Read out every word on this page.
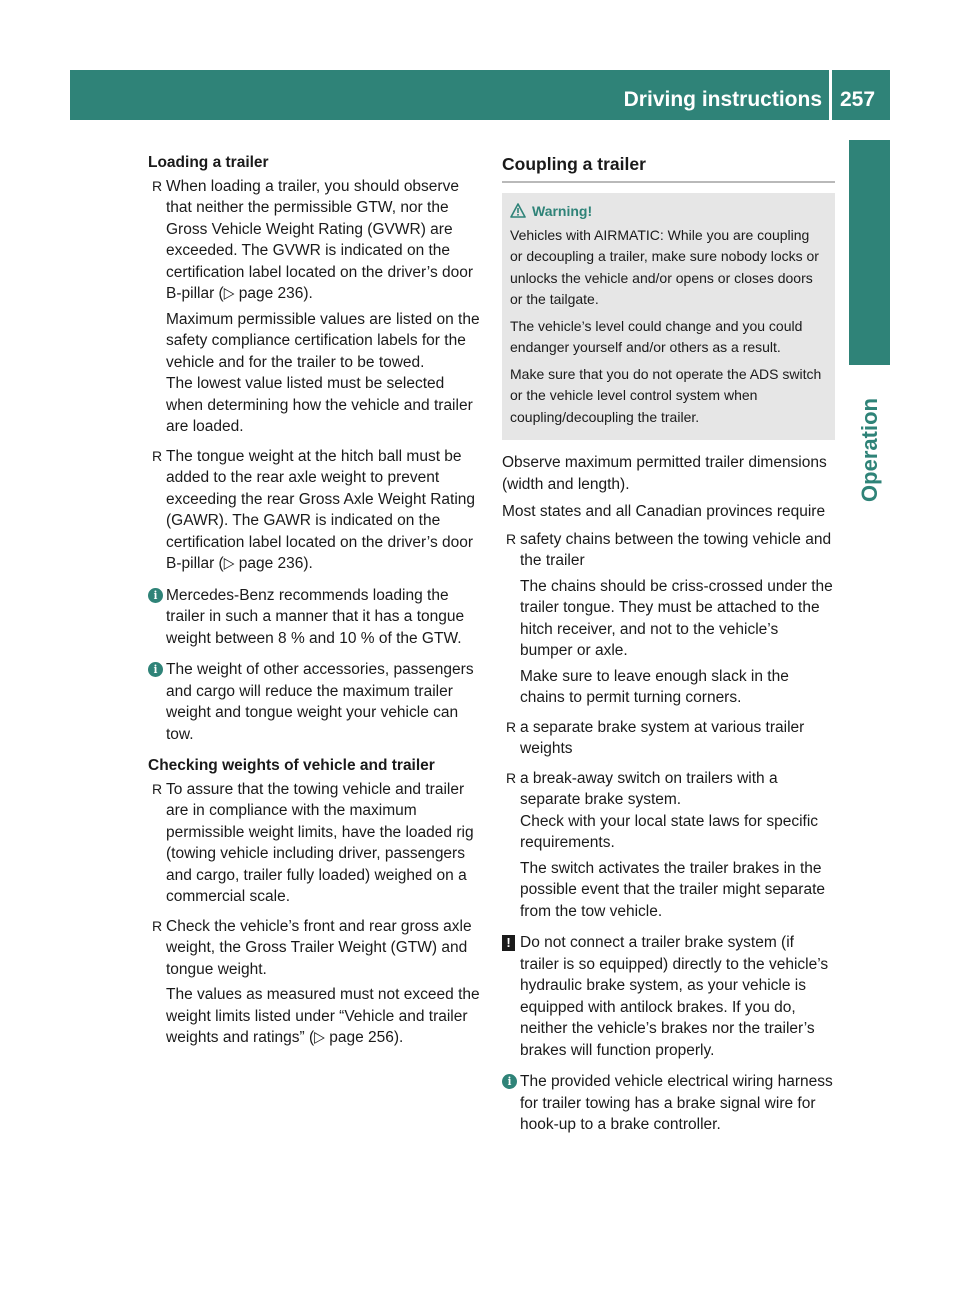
Driving instructions 257
Operation

Loading a trailer

R When loading a trailer, you should observe that neither the permissible GTW, nor the Gross Vehicle Weight Rating (GVWR) are exceeded. The GVWR is indicated on the certification label located on the driver’s door B-pillar (▷ page 236).

Maximum permissible values are listed on the safety compliance certification labels for the vehicle and for the trailer to be towed.

The lowest value listed must be selected when determining how the vehicle and trailer are loaded.

R The tongue weight at the hitch ball must be added to the rear axle weight to prevent exceeding the rear Gross Axle Weight Rating (GAWR). The GAWR is indicated on the certification label located on the driver’s door B-pillar (▷ page 236).

i Mercedes-Benz recommends loading the trailer in such a manner that it has a tongue weight between 8 % and 10 % of the GTW.

i The weight of other accessories, passengers and cargo will reduce the maximum trailer weight and tongue weight your vehicle can tow.

Checking weights of vehicle and trailer

R To assure that the towing vehicle and trailer are in compliance with the maximum permissible weight limits, have the loaded rig (towing vehicle including driver, passengers and cargo, trailer fully loaded) weighed on a commercial scale.

R Check the vehicle’s front and rear gross axle weight, the Gross Trailer Weight (GTW) and tongue weight.

The values as measured must not exceed the weight limits listed under “Vehicle and trailer weights and ratings” (▷ page 256).

Coupling a trailer
Warning!

Vehicles with AIRMATIC: While you are coupling or decoupling a trailer, make sure nobody locks or unlocks the vehicle and/or opens or closes doors or the tailgate.

The vehicle’s level could change and you could endanger yourself and/or others as a result.

Make sure that you do not operate the ADS switch or the vehicle level control system when coupling/decoupling the trailer.

Observe maximum permitted trailer dimensions (width and length).

Most states and all Canadian provinces require

R safety chains between the towing vehicle and the trailer

The chains should be criss-crossed under the trailer tongue. They must be attached to the hitch receiver, and not to the vehicle’s bumper or axle.

Make sure to leave enough slack in the chains to permit turning corners.

R a separate brake system at various trailer weights

R a break-away switch on trailers with a separate brake system.
Check with your local state laws for specific requirements.

The switch activates the trailer brakes in the possible event that the trailer might separate from the tow vehicle.

! Do not connect a trailer brake system (if trailer is so equipped) directly to the vehicle’s hydraulic brake system, as your vehicle is equipped with antilock brakes. If you do, neither the vehicle’s brakes nor the trailer’s brakes will function properly.

i The provided vehicle electrical wiring harness for trailer towing has a brake signal wire for hook-up to a brake controller.
